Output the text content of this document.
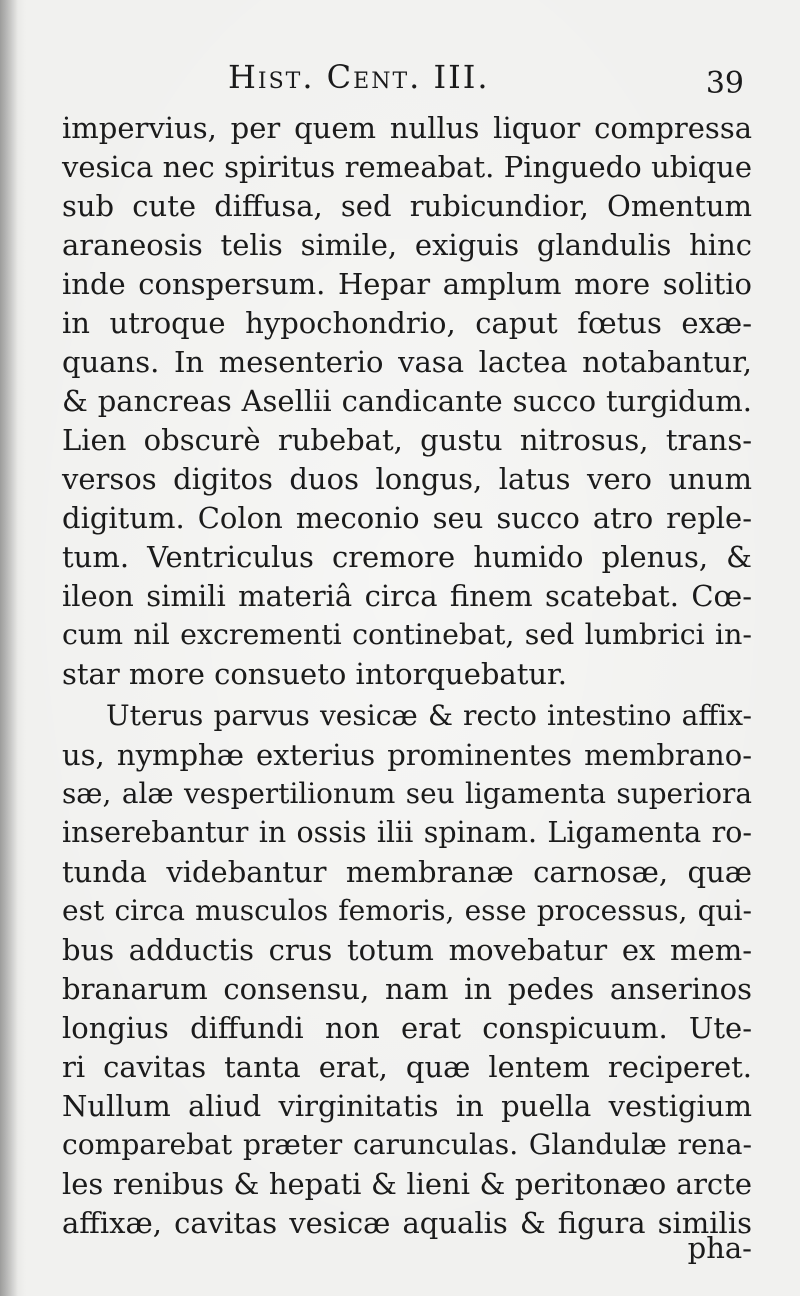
Hist. Cent. III.	39
impervius, per quem nullus liquor compressa
vesica nec spiritus remeabat. Pinguedo ubique
sub cute diffusa, sed rubicundior, Omentum
araneosis telis simile, exiguis glandulis hinc
inde conspersum. Hepar amplum more solitio
in utroque hypochondrio, caput fœtus exæ-
quans. In mesenterio vasa lactea notabantur,
& pancreas Asellii candicante succo turgidum.
Lien obscurè rubebat, gustu nitrosus, trans-
versos digitos duos longus, latus vero unum
digitum. Colon meconio seu succo atro reple-
tum. Ventriculus cremore humido plenus, &
ileon simili materiâ circa finem scatebat. Cœ-
cum nil excrementi continebat, sed lumbrici in-
star more consueto intorquebatur.
Uterus parvus vesicæ & recto intestino affix-
us, nymphæ exterius prominentes membrano-
sæ, alæ vespertilionum seu ligamenta superiora
inserebantur in ossis ilii spinam. Ligamenta ro-
tunda videbantur membranæ carnosæ, quæ
est circa musculos femoris, esse processus, qui-
bus adductis crus totum movebatur ex mem-
branarum consensu, nam in pedes anserinos
longius diffundi non erat conspicuum. Ute-
ri cavitas tanta erat, quæ lentem reciperet.
Nullum aliud virginitatis in puella vestigium
comparebat præter carunculas. Glandulæ rena-
les renibus & hepati & lieni & peritonæo arcte
affixæ, cavitas vesicæ aqualis & figura similis
pha-
